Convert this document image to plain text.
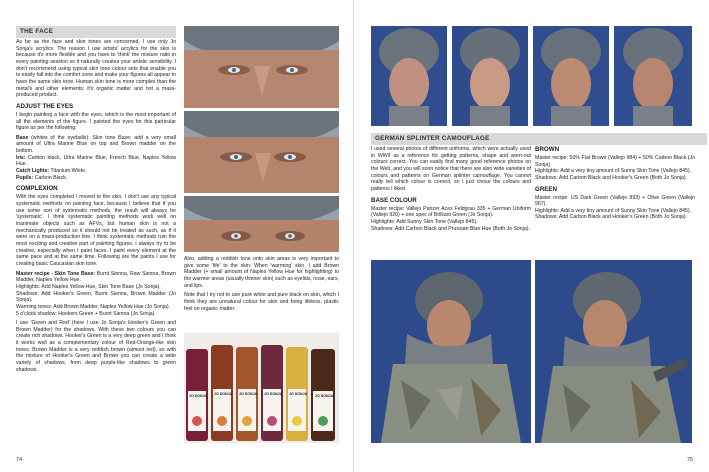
THE FACE
As far as the face and skin tones are concerned, I use only Jo Sonja's acrylics. The reason I use artists' acrylics for the skin is because it's more flexible and you have to 'think' the mixture ratio in every painting session so it naturally creates your artistic sensibility. I don't recommend using typical skin tone colour sets that enable you to easily fall into the comfort zone and make your figures all appear to have the same skin tone. Human skin tone is more complex than the metal's and other elements; it's organic matter and not a mass-produced product.
ADJUST THE EYES
I begin painting a face with the eyes, which is the most important of all the elements of the figure. I painted the eyes for this particular figure as per the following:
Base (whites of the eyeballs): Skin tone Base; add a very small amount of Ultra Marine Blue on top and Brown madder on the bottom.
Iris: Carbon black, Ultra Marine Blue, French Blue, Naples Yellow Hue.
Catch Lights: Titanium White.
Pupils: Carbon Black.
COMPLEXION
With the eyes completed I moved to the skin. I don't use any typical systematic methods on painting face, because I believe that if you use some sort of systematic methods, the result will always be 'systematic'. I think systematic painting methods work well on inanimate objects such as AFVs, but human skin is not a mechanically produced so it should not be treated as such, as if it were on a mass-production line. I think systematic methods ruin the most exciting and creative part of painting figures. I always try to be creative, especially when I paint faces. I paint every element at the same pace and at the same time. Following are the paints I use for creating basic Caucasian skin tone.
Master recipe - Skin Tone Base: Burnt Sienna, Raw Sienna, Brown Madder, Naples Yellow Hue.
Highlights: Add Naples Yellow Hue, Skin Tone Base (Jo Sonja).
Shadows: Add Hooker's Green, Burnt Sienna, Brown Madder (Jo Sonja).
Warming tones: Add Brown Madder, Naples Yellow Hue (Jo Sonja).
5 o'clock shadow: Hookers Green + Burnt Sienna (Jo Sonja).
I use 'Green and Red' (here I use Jo Sonja's Hooker's Green and Brown Madder) for the shadows. With these two colours you can create rich shadows. Hooker's Green is a very deep green and I think it works well as a complementary colour of Red-Orange-like skin tones. Brown Madder is a very reddish brown (almost red), so with the mixture of Hooker's Green and Brown you can create a wide variety of shadows, from deep purple-like shadows to green shadows.
Also, adding a reddish tone onto skin areas is very important to give some 'life' to the skin. When 'warming' skin, I add Brown Madder (+ small amount of Naples Yellow Hue for highlighting) to the warmer areas (usually thinner skin) such as eyelids, nose, ears, and lips.
Note that I try not to use pure white and pure black on skin, which I think they are unnatural colour for skin and bring lifeless, plastic feel on organic matter.
JO SONJA JO SONJA JO SONJA JO SONJA JO SONJA JO SONJA
74
GERMAN SPLINTER CAMOUFLAGE
I used several photos of different uniforms, which were actually used in WWII as a reference for getting patterns, shape and worn-out colours correct. You can easily find many good reference photos on the Web, and you will soon notice that there are also wide varieties of colours and patterns on German splinter camouflage. You cannot really tell which colour is correct, so I just chose the colours and patterns I liked.
BASE COLOUR
Master recipe: Vallejo Panzer Aces Feldgrau 335 + German Uniform (Vallejo 920) + one spec of Brilliant Green (Jo Sonja).
Highlights: Add Sunny Skin Tone (Vallejo 845).
Shadows: Add Carbon Black and Prussian Blue Hue (Both Jo Sonja).
BROWN
Master recipe: 50% Flat Brown (Vallejo 984) + 50% Carbon Black (Jo Sonja).
Highlights: Add a very tiny amount of Sunny Skin Tone (Vallejo 845).
Shadows: Add Carbon Black and Hooker's Green (Both Jo Sonja).
GREEN
Master recipe: US Dark Green (Vallejo 893) + Olive Green (Vallejo 967).
Highlights: Add a very tiny amount of Sunny Skin Tone (Vallejo 845).
Shadows: Add Carbon Black and Hooker's Green (Both Jo Sonja).
75
